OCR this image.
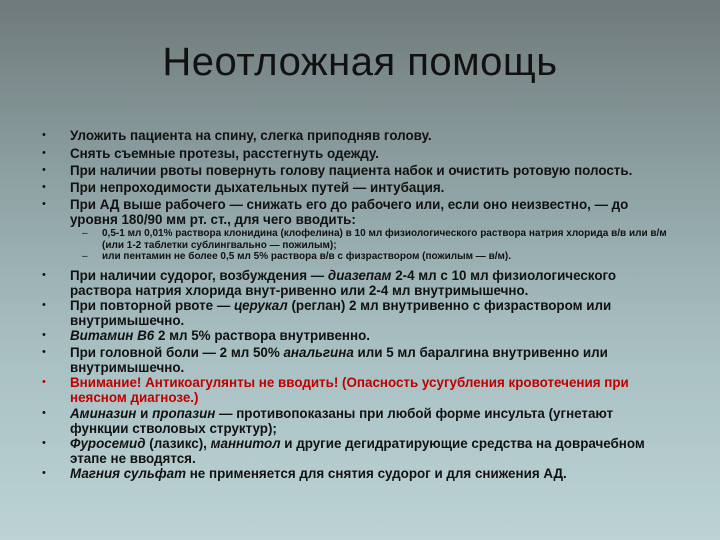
Неотложная помощь
• Уложить пациента на спину, слегка приподняв голову.
• Снять съемные протезы, расстегнуть одежду.
• При наличии рвоты повернуть голову пациента набок и очистить ротовую полость.
• При непроходимости дыхательных путей — интубация.
• При АД выше рабочего — снижать его до рабочего или, если оно неизвестно, — до уровня 180/90 мм рт. ст., для чего вводить:
– 0,5-1 мл 0,01% раствора клонидина (клофелина) в 10 мл физиологического раствора натрия хлорида в/в или в/м (или 1-2 таблетки сублингвально — пожилым);
– или пентамин не более 0,5 мл 5% раствора в/в с физраствором (пожилым — в/м).
• При наличии судорог, возбуждения — диазепам 2-4 мл с 10 мл физиологического раствора натрия хлорида внут-ривенно или 2-4 мл внутримышечно.
• При повторной рвоте — церукал (реглан) 2 мл внутривенно с физраствором или внутримышечно.
• Витамин В6 2 мл 5% раствора внутривенно.
• При головной боли — 2 мл 50% анальгина или 5 мл баралгина внутривенно или внутримышечно.
• Внимание! Антикоагулянты не вводить! (Опасность усугубления кровотечения при неясном диагнозе.)
• Аминазин и пропазин — противопоказаны при любой форме инсульта (угнетают функции стволовых структур);
• Фуросемид (лазикс), маннитол и другие дегидратирующие средства на доврачебном этапе не вводятся.
• Магния сульфат не применяется для снятия судорог и для снижения АД.
